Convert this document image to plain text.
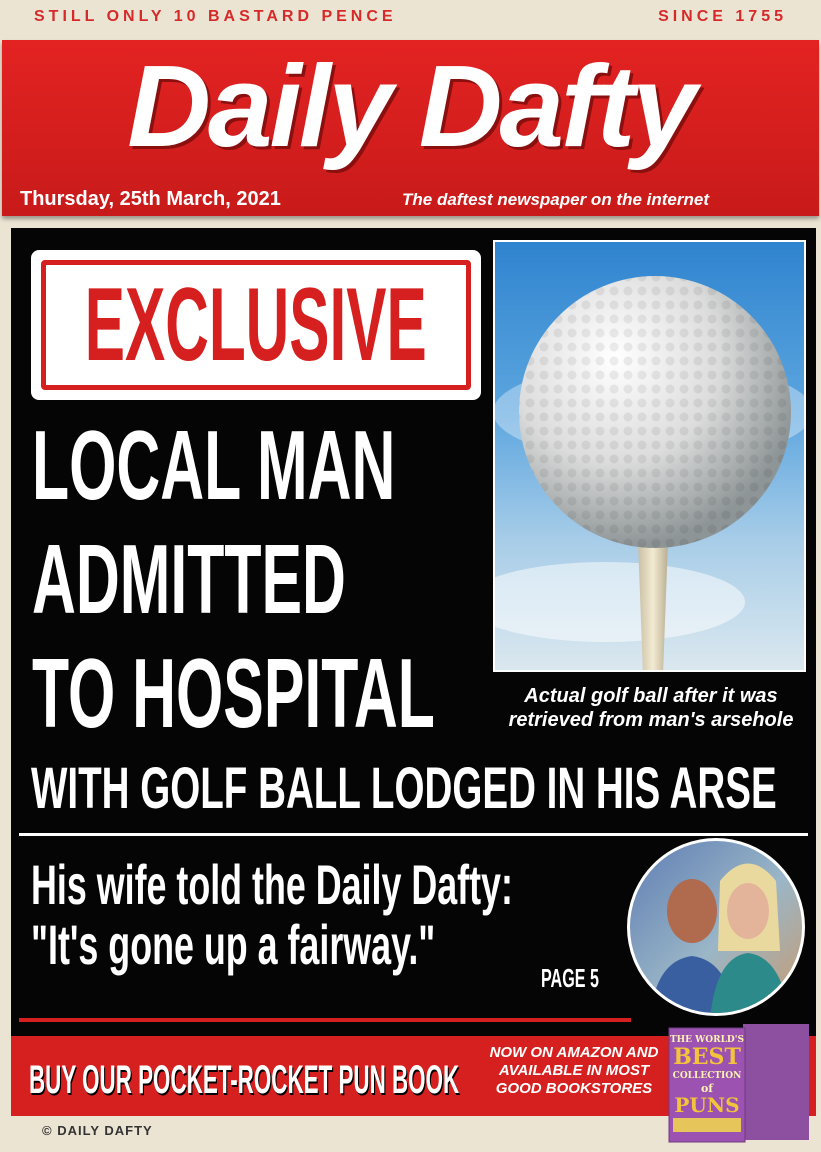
STILL ONLY 10 BASTARD PENCE	SINCE 1755
Daily Dafty
Thursday, 25th March, 2021	The daftest newspaper on the internet
EXCLUSIVE
LOCAL MAN
ADMITTED
TO HOSPITAL	Actual golf ball after it was retrieved from man's arsehole
WITH GOLF BALL LODGED IN HIS ARSE
His wife told the Daily Dafty:
"It's gone up a fairway."
PAGE 5
BUY OUR POCKET-ROCKET PUN BOOK
NOW ON AMAZON AND AVAILABLE IN MOST GOOD BOOKSTORES
THE WORLD'S
BEST
COLLECTION
of
PUNS
© DAILY DAFTY
